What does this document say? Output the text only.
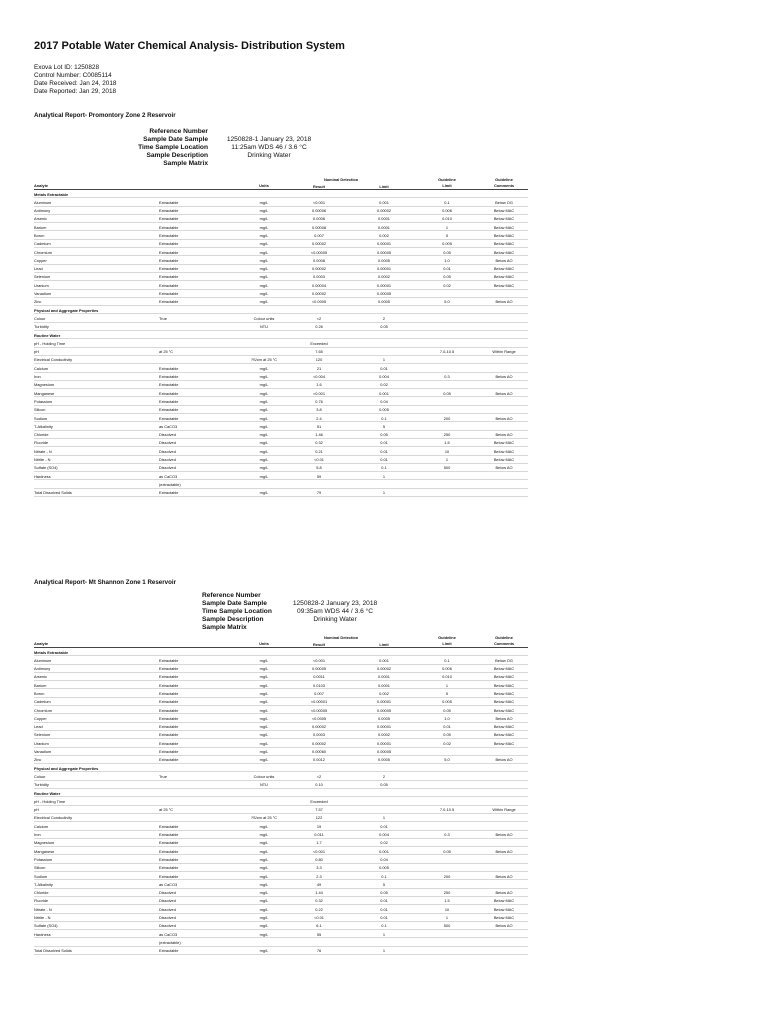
2017 Potable Water Chemical Analysis- Distribution System
Exova Lot ID: 1250828
Control Number: C0085114
Date Received: Jan 24, 2018
Date Reported: Jan 29, 2018
Analytical Report- Promontory Zone 2 Reservoir
Reference Number
Sample Date Sample	1250828-1 January 23, 2018
Time Sample Location	11:25am WDS 46 / 3.6 °C
Sample Description	Drinking Water
Sample Matrix
Analyte	Units
Nominal Detection
Result	Limit
Guideline
Limit
Guideline
Comments
Metals Extractable
Aluminum	Extractable	mg/L	<0.001	0.001	0.1	Below OG
Antimony	Extractable	mg/L	0.00006	0.00002	0.006	Below MAC
Arsenic	Extractable	mg/L	0.0008	0.0001	0.010	Below MAC
Barium	Extractable	mg/L	0.00008	0.0001	1	Below MAC
Boron	Extractable	mg/L	0.007	0.002	5	Below MAC
Cadmium	Extractable	mg/L	0.00002	0.00001	0.005	Below MAC
Chromium	Extractable	mg/L	<0.00005	0.00005	0.05	Below MAC
Copper	Extractable	mg/L	0.0008	0.0005	1.0	Below AO
Lead	Extractable	mg/L	0.00002	0.00001	0.01	Below MAC
Selenium	Extractable	mg/L	0.0003	0.0002	0.05	Below MAC
Uranium	Extractable	mg/L	0.00004	0.00001	0.02	Below MAC
Vanadium	Extractable	mg/L	0.00002	0.00005
Zinc	Extractable	mg/L	<0.0005	0.0005	5.0	Below AO
Physical and Aggregate Properties
Colour	True	Colour units	<2	2
Turbidity	NTU	0.26	0.05
Routine Water
pH - Holding Time	Exceeded
pH	at 25 °C	7.65	7.0-10.5	Within Range
Electrical Conductivity	?S/cm at 25 °C	120	1
Calcium	Extractable	mg/L	21	0.01
Iron	Extractable	mg/L	<0.004	0.004	0.3	Below AO
Magnesium	Extractable	mg/L	1.6	0.02
Manganese	Extractable	mg/L	<0.001	0.001	0.05	Below AO
Potassium	Extractable	mg/L	0.76	0.04
Silicon	Extractable	mg/L	3.8	0.005
Sodium	Extractable	mg/L	2.4	0.1	200	Below AO
T-Alkalinity	as CaCO3	mg/L	51	5
Chloride	Dissolved	mg/L	1.46	0.05	250	Below AO
Fluoride	Dissolved	mg/L	0.32	0.01	1.5	Below MAC
Nitrate - N	Dissolved	mg/L	0.21	0.01	10	Below MAC
Nitrite - N	Dissolved	mg/L	<0.01	0.01	1	Below MAC
Sulfate (SO4)	Dissolved	mg/L	5.8	0.1	500	Below AO
Hardness	as CaCO3	mg/L	59	1
(extractable)
Total Dissolved Solids	Extractable	mg/L	79	1
Analytical Report- Mt Shannon Zone 1 Reservoir
Reference Number
Sample Date Sample	1250828-2 January 23, 2018
Time Sample Location	09:35am WDS 44 / 3.6 °C
Sample Description	Drinking Water
Sample Matrix
Analyte	Units
Nominal Detection
Result	Limit
Guideline
Limit
Guideline
Comments
Metals Extractable
Aluminum	Extractable	mg/L	<0.001	0.001	0.1	Below OG
Antimony	Extractable	mg/L	0.00005	0.00002	0.006	Below MAC
Arsenic	Extractable	mg/L	0.0011	0.0001	0.010	Below MAC
Barium	Extractable	mg/L	0.0103	0.0001	1	Below MAC
Boron	Extractable	mg/L	0.007	0.002	5	Below MAC
Cadmium	Extractable	mg/L	<0.00001	0.00001	0.005	Below MAC
Chromium	Extractable	mg/L	<0.00005	0.00005	0.05	Below MAC
Copper	Extractable	mg/L	<0.0005	0.0005	1.0	Below AO
Lead	Extractable	mg/L	0.00002	0.00001	0.01	Below MAC
Selenium	Extractable	mg/L	0.0003	0.0002	0.05	Below MAC
Uranium	Extractable	mg/L	0.00002	0.00001	0.02	Below MAC
Vanadium	Extractable	mg/L	0.00060	0.00005
Zinc	Extractable	mg/L	0.0012	0.0005	5.0	Below AO
Physical and Aggregate Properties
Colour	True	Colour units	<2	2
Turbidity	NTU	0.10	0.05
Routine Water
pH - Holding Time	Exceeded
pH	at 25 °C	7.57	7.0-10.5	Within Range
Electrical Conductivity	?S/cm at 25 °C	122	1
Calcium	Extractable	mg/L	19	0.01
Iron	Extractable	mg/L	0.011	0.004	0.3	Below AO
Magnesium	Extractable	mg/L	1.7	0.02
Manganese	Extractable	mg/L	<0.001	0.001	0.05	Below AO
Potassium	Extractable	mg/L	0.80	0.04
Silicon	Extractable	mg/L	3.3	0.005
Sodium	Extractable	mg/L	2.3	0.1	200	Below AO
T-Alkalinity	as CaCO3	mg/L	49	5
Chloride	Dissolved	mg/L	1.44	0.05	250	Below AO
Fluoride	Dissolved	mg/L	0.32	0.01	1.5	Below MAC
Nitrate - N	Dissolved	mg/L	0.22	0.01	10	Below MAC
Nitrite - N	Dissolved	mg/L	<0.01	0.01	1	Below MAC
Sulfate (SO4)	Dissolved	mg/L	6.1	0.1	500	Below AO
Hardness	as CaCO3	mg/L	55	1
(extractable)
Total Dissolved Solids	Extractable	mg/L	76	1
